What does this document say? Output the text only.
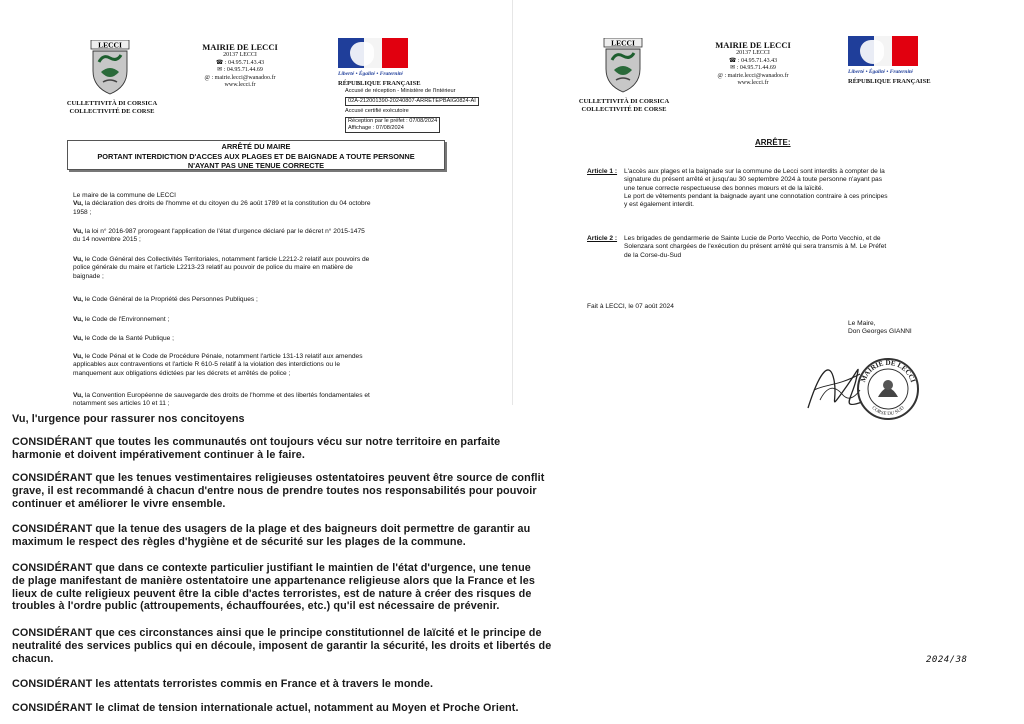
LECCI
CULLETTIVITÀ DI CORSICA
COLLECTIVITÉ DE CORSE
MAIRIE DE LECCI
20137 LECCI
☎ : 04.95.71.43.43
✉ : 04.95.71.44.69
@ : mairie.lecci@wanadoo.fr
www.lecci.fr
Liberté • Égalité • Fraternité
RÉPUBLIQUE FRANÇAISE
Accusé de réception - Ministère de l'Intérieur
02A-212001390-20240807-ARRETEPBAIG0824-AI
Accusé certifié exécutoire
Réception par le préfet : 07/08/2024
Affichage : 07/08/2024
ARRÊTÉ DU MAIRE
PORTANT INTERDICTION D'ACCES AUX PLAGES ET DE BAIGNADE A TOUTE PERSONNE
N'AYANT PAS UNE TENUE CORRECTE
Le maire de la commune de LECCI
Vu, la déclaration des droits de l'homme et du citoyen du 26 août 1789 et la constitution du 04 octobre
1958 ;
Vu, la loi n° 2016-987 prorogeant l'application de l'état d'urgence déclaré par le décret n° 2015-1475
du 14 novembre 2015 ;
Vu, le Code Général des Collectivités Territoriales, notamment l'article L2212-2 relatif aux pouvoirs de
police générale du maire et l'article L2213-23 relatif au pouvoir de police du maire en matière de
baignade ;
Vu, le Code Général de la Propriété des Personnes Publiques ;
Vu, le Code de l'Environnement ;
Vu, le Code de la Santé Publique ;
Vu, le Code Pénal et le Code de Procédure Pénale, notamment l'article 131-13 relatif aux amendes
applicables aux contraventions et l'article R 610-5 relatif à la violation des interdictions ou le
manquement aux obligations édictées par les décrets et arrêtés de police ;
Vu, la Convention Européenne de sauvegarde des droits de l'homme et des libertés fondamentales et
notamment ses articles 10 et 11 ;
Vu, l'urgence pour rassurer nos concitoyens
CONSIDÉRANT que toutes les communautés ont toujours vécu sur notre territoire en parfaite
harmonie et doivent impérativement continuer à le faire.
CONSIDÉRANT que les tenues vestimentaires religieuses ostentatoires peuvent être source de conflit
grave, il est recommandé à chacun d'entre nous de prendre toutes nos responsabilités pour pouvoir
continuer et améliorer le vivre ensemble.
CONSIDÉRANT que la tenue des usagers de la plage et des baigneurs doit permettre de garantir au
maximum le respect des règles d'hygiène et de sécurité sur les plages de la commune.
CONSIDÉRANT que dans ce contexte particulier justifiant le maintien de l'état d'urgence, une tenue
de plage manifestant de manière ostentatoire une appartenance religieuse alors que la France et les
lieux de culte religieux peuvent être la cible d'actes terroristes, est de nature à créer des risques de
troubles à l'ordre public (attroupements, échauffourées, etc.) qu'il est nécessaire de prévenir.
CONSIDÉRANT que ces circonstances ainsi que le principe constitutionnel de laïcité et le principe de
neutralité des services publics qui en découle, imposent de garantir la sécurité, les droits et libertés de
chacun.
CONSIDÉRANT les attentats terroristes commis en France et à travers le monde.
CONSIDÉRANT le climat de tension internationale actuel, notamment au Moyen et Proche Orient.
LECCI
CULLETTIVITÀ DI CORSICA
COLLECTIVITÉ DE CORSE
MAIRIE DE LECCI
20137 LECCI
☎ : 04.95.71.43.43
✉ : 04.95.71.44.69
@ : mairie.lecci@wanadoo.fr
www.lecci.fr
Liberté • Égalité • Fraternité
RÉPUBLIQUE FRANÇAISE
ARRÊTE:
Article 1 : L'accès aux plages et la baignade sur la commune de Lecci sont interdits à compter de la
signature du présent arrêté et jusqu'au 30 septembre 2024 à toute personne n'ayant pas
une tenue correcte respectueuse des bonnes mœurs et de la laïcité.
Le port de vêtements pendant la baignade ayant une connotation contraire à ces principes
y est également interdit.
Article 2 : Les brigades de gendarmerie de Sainte Lucie de Porto Vecchio, de Porto Vecchio, et de
Solenzara sont chargées de l'exécution du présent arrêté qui sera transmis à M. Le Préfet
de la Corse-du-Sud
Fait à LECCI, le 07 août 2024
Le Maire,
Don Georges GIANNI
MAIRIE DE LECCI
CORSE DU SUD
2024/38
